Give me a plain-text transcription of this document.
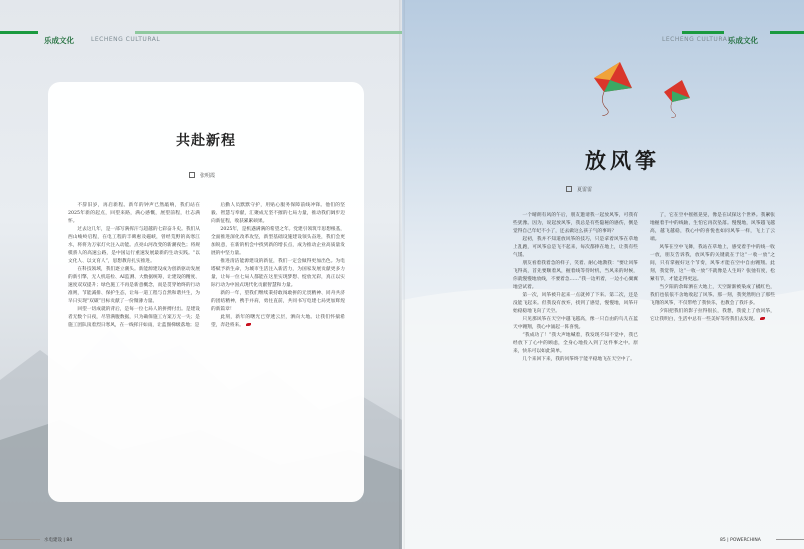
乐成文化	LECHENG CULTURAL	LECHENG CULTURAL
乐成文化
共赴新程
张明霞

不辞旧岁，再启新程。新年的钟声已然敲响，我们站在2025年新的起点，回望来路，满心感慨，展望前程，壮志满怀。

过去这几年，是一部写满挥汗与超越的七彩奋斗史。我们从西山峻岭启程，在电工程的丰碑惠及磁峡，曾经荒野的高寒江水，将将为万家灯火注入动能。点亮山河改变的新潮夜色；将规模骄人的高速公路，是中国运行重速发展最新的生动实践。“以文化人、以文育人”，思想教育扎实推进。

在科技领域，我们逐立潮头。新能源建设成为创新驱动发展的新引擎，无人机巡检、AI监测、大数据统筹，让建设的精度、速度双双提升；绿色施工不再是新意概念，而是贯穿始终的行动准则，节能减排、保护生态，让每一道工程与自然和谐共生，为早日实现“双碳”目标贡献了一份微薄力量。

回望一切成就的背后，是每一位七局人的拼搏付出。是建设者无数个日夜，尽管满腹数据，只为确保施工方案万无一失；是施工团队顶着烈日寒风，在一线挥汗如雨，让蓝图梯级落地；是

后勤人员默默守护，用贴心服务保障前线冲锋。他们的坚毅、智慧与奉献，汇聚成无坚不摧的七局力量，推动我们阔步迈向新征程，收获累累硕果。

2025年，是机遇满满的希望之年。党建引领筑牢思想根基，全面推进深化改革攻坚，新型基础设施建设领头奋进，我们会更加锐意，在新的机会中找到新的增长点，成为推动企业高质量发展的中坚力量。

推进清洁能源建设的新征，我们一定会做得更加出色。为电塔赋予新生命，为城市生活注入新活力，为国家发展贡献更多力量，让每一位七局人都能在这里实现梦想、绽放光彩，真正以实际行动为中国式现代化贡献智慧和力量。

新的一年，望我们继续秉持敢闯敢拼的无畏精神、同舟共济的团结精神，携手并肩，勇往直前，共同书写电建七局更加辉煌的新篇章！

此刻，新年的曙光已穿透云层，洒向大地。让我们怀揣希望，奔赴将来。

放风筝
夏雷雷

一个晴朗有风的午后，朋友邀请我一起放风筝，可我有些犹豫。因为，说起放风筝，我总是有些隐秘的感伤，倒是觉得自己年纪不小了，还去做这么孩子气的事吗？

起初，我并不知道放风筝的技巧，只是拿着风筝在草地上乱跑，可风筝总是飞不起来，每次都摔在地上，让我有些气馁。

朋友看着我着急的样子，笑着、耐心地教我：“要让风筝飞得高，首先要顺着风，握着线等待时机，当风来的时候，你就慢慢地放线，不要着急……”我一边听着，一边小心翼翼地尝试着。

第一次，风筝被升起来一点就掉了下来。第二次，还是没能飞起来。但我没有放弃，找到了感觉，慢慢地，风筝开始稳稳地飞向了天空。

只见那风筝在天空中越飞越高，像一只自由的鸟儿在蓝天中翱翔，我心中涌起一阵喜悦。

“我成功了！”我大声地喊着，我发现不知不觉中，我已经放下了心中的顾虑，全身心地投入到了这件事之中。原来，快乐可以如此简单。

几个来回下来，我的风筝终于能平稳地飞在天空中了。

了，它在空中摇摇晃晃，像是在试探这个世界。我紧张地握着手中的线轴，生怕它再次坠落。慢慢地，风筝越飞越高，越飞越稳，我心中的喜悦也如同风筝一样，飞上了云端。

风筝在空中飞舞，我站在草地上，感受着手中的线一收一放，朋友告诉我，放风筝的关键就在于这“一收一放”之间，只有掌握好这个节奏，风筝才能在空中自由翱翔。此刻，我觉得，这“一收一放”不就像是人生吗？张弛有度，松紧有节，才能走得更远。

当夕阳的余晖洒在大地上，天空渐渐被染成了橘红色，我们也依依不舍地收起了风筝。那一刻，我突然明白了那些飞翔的风筝，不仅带给了我快乐，也教会了我许多。

夕阳把我们的影子拉得很长，我想，我爱上了放风筝，它让我明白，生活中总有一些美好等待我们去发现。

水电建设 | 84	85 | POWERCHINA
